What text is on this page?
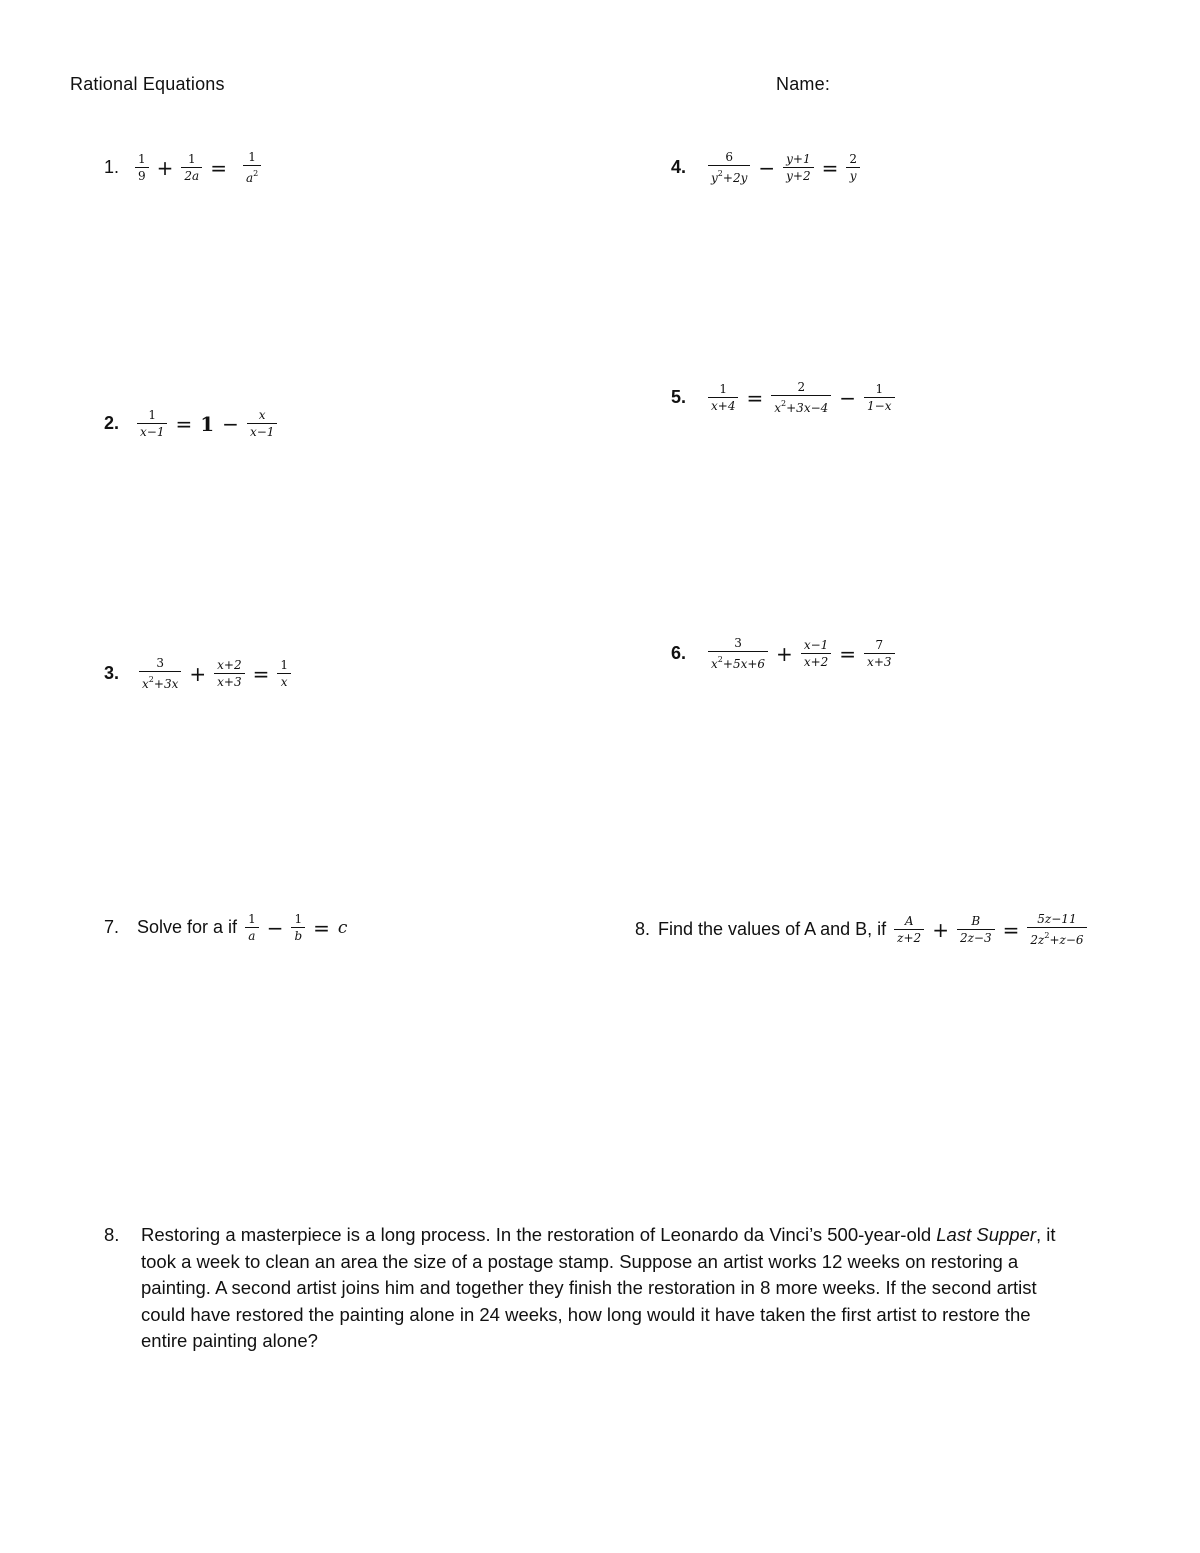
Rational Equations	Name:
1. $\frac{1}{9} + \frac{1}{2a} = \frac{1}{a^2}$
2. $\frac{1}{x-1} = 1 - \frac{x}{x-1}$
3. $\frac{3}{x^2+3x} + \frac{x+2}{x+3} = \frac{1}{x}$
4. $\frac{6}{y^2+2y} - \frac{y+1}{y+2} = \frac{2}{y}$
5. $\frac{1}{x+4} = \frac{2}{x^2+3x-4} - \frac{1}{1-x}$
6. $\frac{3}{x^2+5x+6} + \frac{x-1}{x+2} = \frac{7}{x+3}$
7. Solve for a if $\frac{1}{a} - \frac{1}{b} = c$	8. Find the values of A and B, if $\frac{A}{z+2} + \frac{B}{2z-3} = \frac{5z-11}{2z^2+z-6}$
8. Restoring a masterpiece is a long process. In the restoration of Leonardo da Vinci’s 500-year-old Last Supper, it
took a week to clean an area the size of a postage stamp. Suppose an artist works 12 weeks on restoring a
painting. A second artist joins him and together they finish the restoration in 8 more weeks. If the second artist
could have restored the painting alone in 24 weeks, how long would it have taken the first artist to restore the
entire painting alone?
